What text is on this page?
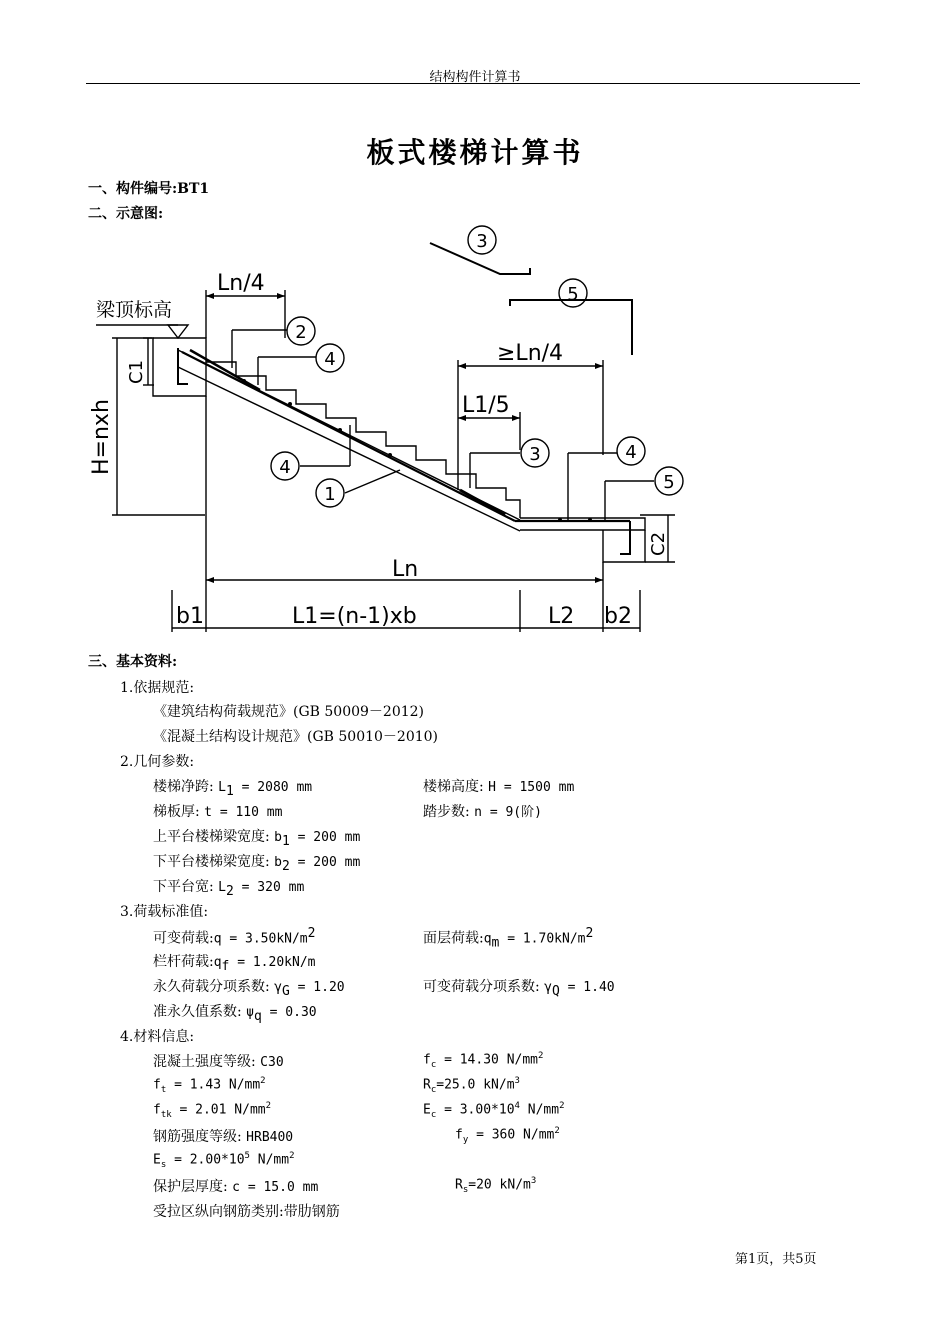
结构构件计算书
板式楼梯计算书
一、构件编号:BT1
二、示意图:
Ln/4
梁顶标高
C1
H=nxh
≥Ln/4
L1/5
Ln
b1	L1=(n-1)xb	L2 b2
C2
3
5
2
4
4
1
3	4
5
三、基本资料:
1.依据规范:
《建筑结构荷载规范》(GB 50009－2012)
《混凝土结构设计规范》(GB 50010－2010)
2.几何参数:
楼梯净跨: $L_1 = 2080$ mm	楼梯高度: H = 1500 mm
梯板厚: t = 110 mm	踏步数: n = 9(阶)
上平台楼梯梁宽度: $b_1 = 200$ mm
下平台楼梯梁宽度: $b_2 = 200$ mm
下平台宽: $L_2 = 320$ mm
3.荷载标准值:
可变荷载:q = $3.50kN/m^2$	面层荷载$:q_m = 1.70kN/m^2$
栏杆荷载$:q_f = 1.20kN/m$
永久荷载分项系数: $\gamma_G = 1.20$	可变荷载分项系数: $\gamma_Q = 1.40$
准永久值系数: $\psi_q = 0.30$
4.材料信息:
混凝土强度等级: C30	$f_c = 14.30$ $N/mm^2$
$f_t = 1.43$ $N/mm^2$	$R_c=25.0$ $kN/m^3$
$f_{tk} = 2.01$ $N/mm^2$	$E_c = 3.00*10^4$ $N/mm^2$
钢筋强度等级: HRB400	$f_y = 360$ $N/mm^2$
$E_s = 2.00*10^5$ $N/mm^2$
保护层厚度: c = 15.0 mm	$R_s=20$ $kN/m^3$
受拉区纵向钢筋类别:带肋钢筋
第1页，共5页
